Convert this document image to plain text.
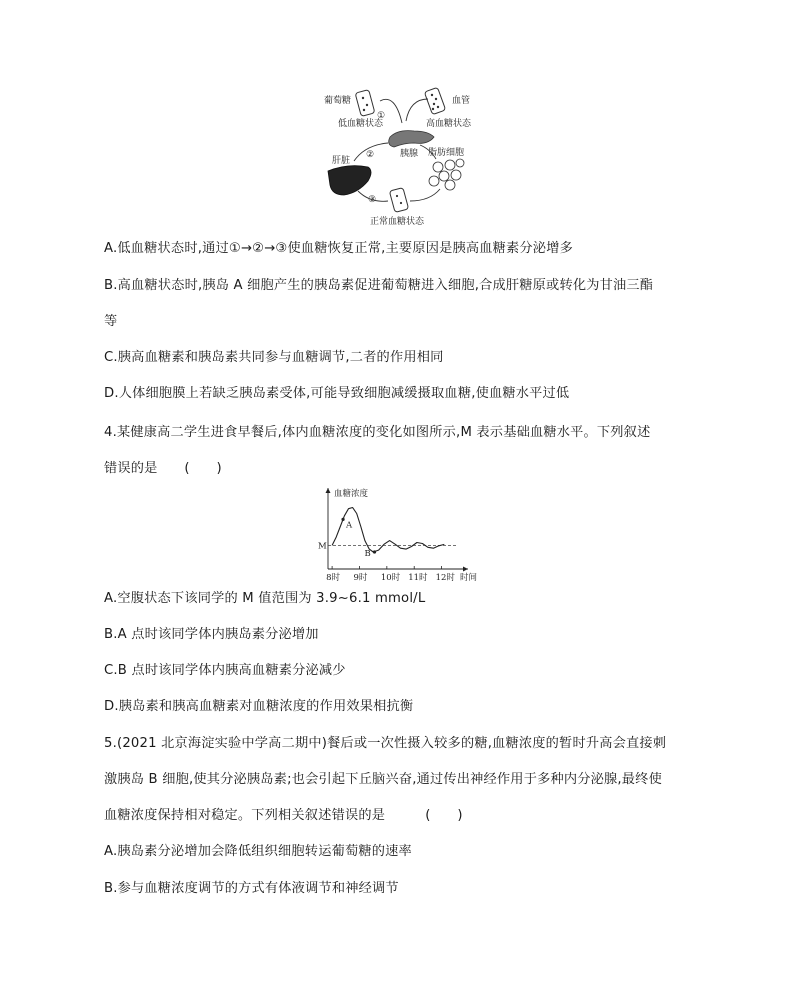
葡萄糖	血管
低血糖状态	高血糖状态
①
胰腺
②
肝脏
脂肪细胞
③
正常血糖状态
A.低血糖状态时,通过①→②→③使血糖恢复正常,主要原因是胰高血糖素分泌增多
B.高血糖状态时,胰岛 A 细胞产生的胰岛素促进葡萄糖进入细胞,合成肝糖原或转化为甘油三酯
等
C.胰高血糖素和胰岛素共同参与血糖调节,二者的作用相同
D.人体细胞膜上若缺乏胰岛素受体,可能导致细胞减缓摄取血糖,使血糖水平过低
4.某健康高二学生进食早餐后,体内血糖浓度的变化如图所示,M 表示基础血糖水平。下列叙述
错误的是　　(　　)
血糖浓度
时间
M
8时 9时 10时 11时 12时
A
B
A.空腹状态下该同学的 M 值范围为 3.9~6.1 mmol/L
B.A 点时该同学体内胰岛素分泌增加
C.B 点时该同学体内胰高血糖素分泌减少
D.胰岛素和胰高血糖素对血糖浓度的作用效果相抗衡
5.(2021 北京海淀实验中学高二期中)餐后或一次性摄入较多的糖,血糖浓度的暂时升高会直接刺
激胰岛 B 细胞,使其分泌胰岛素;也会引起下丘脑兴奋,通过传出神经作用于多种内分泌腺,最终使
血糖浓度保持相对稳定。下列相关叙述错误的是　　　(　　)
A.胰岛素分泌增加会降低组织细胞转运葡萄糖的速率
B.参与血糖浓度调节的方式有体液调节和神经调节
